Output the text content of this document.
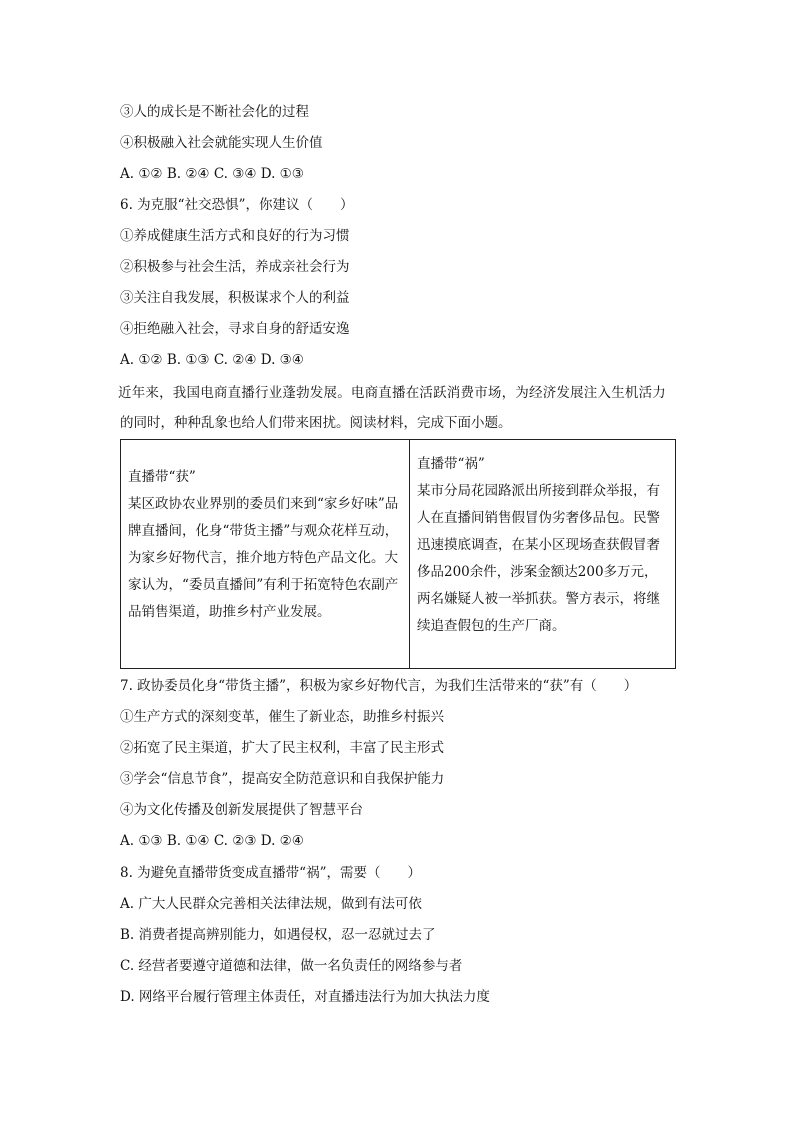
③人的成长是不断社会化的过程
④积极融入社会就能实现人生价值
A. ①② B. ②④ C. ③④ D. ①③
6. 为克服“社交恐惧”，你建议（　　）
①养成健康生活方式和良好的行为习惯
②积极参与社会生活，养成亲社会行为
③关注自我发展，积极谋求个人的利益
④拒绝融入社会，寻求自身的舒适安逸
A. ①② B. ①③ C. ②④ D. ③④
近年来，我国电商直播行业蓬勃发展。电商直播在活跃消费市场，为经济发展注入生机活力
的同时，种种乱象也给人们带来困扰。阅读材料，完成下面小题。
直播带“获”
某区政协农业界别的委员们来到“家乡好味”品牌直播间，化身“带货主播”与观众花样互动，为家乡好物代言，推介地方特色产品文化。大家认为，“委员直播间”有利于拓宽特色农副产品销售渠道，助推乡村产业发展。	
直播带“祸”
某市分局花园路派出所接到群众举报，有人在直播间销售假冒伪劣奢侈品包。民警迅速摸底调查，在某小区现场查获假冒奢侈品200余件，涉案金额达200多万元，两名嫌疑人被一举抓获。警方表示，将继续追查假包的生产厂商。
7. 政协委员化身“带货主播”，积极为家乡好物代言，为我们生活带来的“获”有（　　）
①生产方式的深刻变革，催生了新业态，助推乡村振兴
②拓宽了民主渠道，扩大了民主权利，丰富了民主形式
③学会“信息节食”，提高安全防范意识和自我保护能力
④为文化传播及创新发展提供了智慧平台
A. ①③ B. ①④ C. ②③ D. ②④
8. 为避免直播带货变成直播带“祸”，需要（　　）
A. 广大人民群众完善相关法律法规，做到有法可依
B. 消费者提高辨别能力，如遇侵权，忍一忍就过去了
C. 经营者要遵守道德和法律，做一名负责任的网络参与者
D. 网络平台履行管理主体责任，对直播违法行为加大执法力度
